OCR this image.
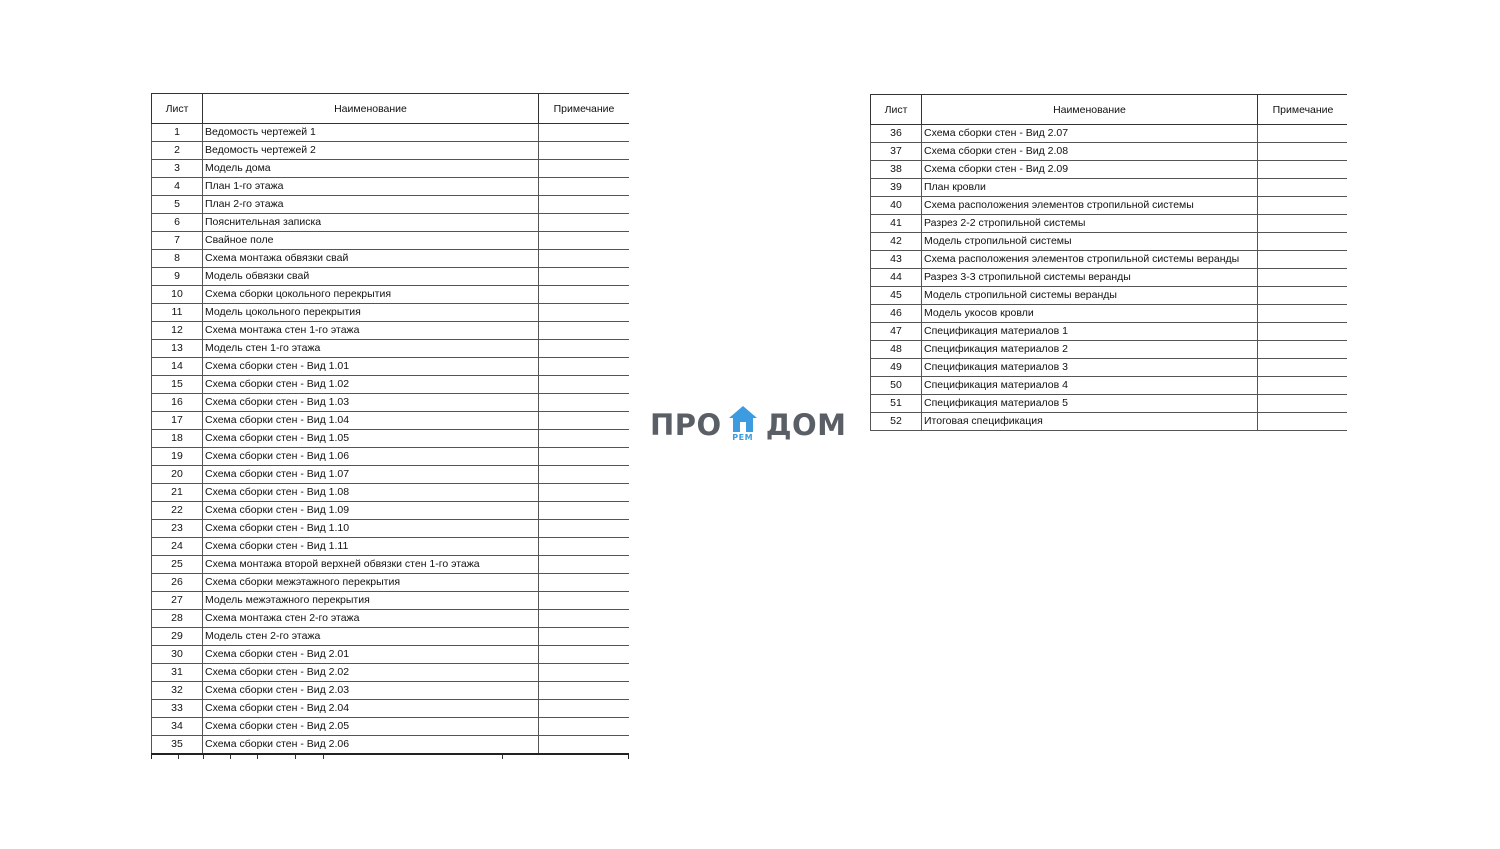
Лист	Наименование	Примечание
1	Ведомость чертежей 1	
2	Ведомость чертежей 2	
3	Модель дома	
4	План 1-го этажа	
5	План 2-го этажа	
6	Пояснительная записка	
7	Свайное поле	
8	Схема монтажа обвязки свай	
9	Модель обвязки свай	
10	Схема сборки цокольного перекрытия	
11	Модель цокольного перекрытия	
12	Схема монтажа стен 1-го этажа	
13	Модель стен 1-го этажа	
14	Схема сборки стен - Вид 1.01	
15	Схема сборки стен - Вид 1.02	
16	Схема сборки стен - Вид 1.03	
17	Схема сборки стен - Вид 1.04	
18	Схема сборки стен - Вид 1.05	
19	Схема сборки стен - Вид 1.06	
20	Схема сборки стен - Вид 1.07	
21	Схема сборки стен - Вид 1.08	
22	Схема сборки стен - Вид 1.09	
23	Схема сборки стен - Вид 1.10	
24	Схема сборки стен - Вид 1.11	
25	Схема монтажа второй верхней обвязки стен 1-го этажа	
26	Схема сборки межэтажного перекрытия	
27	Модель межэтажного перекрытия	
28	Схема монтажа стен 2-го этажа	
29	Модель стен 2-го этажа	
30	Схема сборки стен - Вид 2.01	
31	Схема сборки стен - Вид 2.02	
32	Схема сборки стен - Вид 2.03	
33	Схема сборки стен - Вид 2.04	
34	Схема сборки стен - Вид 2.05	
35	Схема сборки стен - Вид 2.06	
ПРО	РЕМ ДОМ
Лист	Наименование	Примечание
36	Схема сборки стен - Вид 2.07	
37	Схема сборки стен - Вид 2.08	
38	Схема сборки стен - Вид 2.09	
39	План кровли	
40	Схема расположения элементов стропильной системы	
41	Разрез 2-2 стропильной системы	
42	Модель стропильной системы	
43	Схема расположения элементов стропильной системы веранды	
44	Разрез 3-3 стропильной системы веранды	
45	Модель стропильной системы веранды	
46	Модель укосов кровли	
47	Спецификация материалов 1	
48	Спецификация материалов 2	
49	Спецификация материалов 3	
50	Спецификация материалов 4	
51	Спецификация материалов 5	
52	Итоговая спецификация	
